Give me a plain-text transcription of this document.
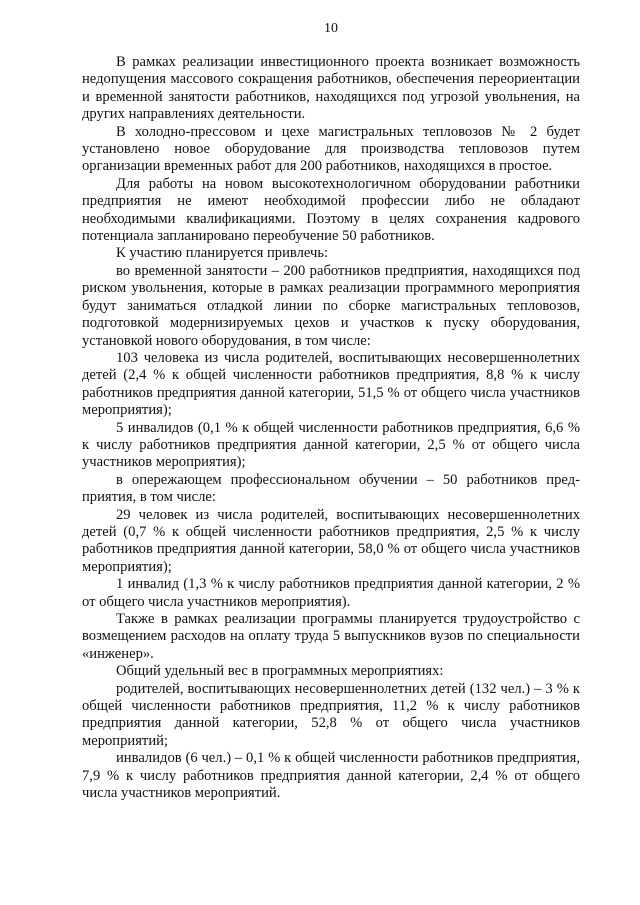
10

В рамках реализации инвестиционного проекта возникает возможность недопущения массового сокращения работников, обеспечения переориентации и временной занятости работников, находящихся под угрозой увольнения, на других направлениях деятельности.

В холодно-прессовом и цехе магистральных тепловозов № 2 будет установлено новое оборудование для производства тепловозов путем организации временных работ для 200 работников, находящихся в простое.

Для работы на новом высокотехнологичном оборудовании работники предприятия не имеют необходимой профессии либо не обладают необходимыми квалификациями. Поэтому в целях сохранения кадрового потенциала запланировано переобучение 50 работников.

К участию планируется привлечь:

во временной занятости – 200 работников предприятия, находящихся под риском увольнения, которые в рамках реализации программного мероприятия будут заниматься отладкой линии по сборке магистральных тепловозов, подготовкой модернизируемых цехов и участков к пуску оборудования, установкой нового оборудования, в том числе:

103 человека из числа родителей, воспитывающих несовершеннолетних детей (2,4 % к общей численности работников предприятия, 8,8 % к числу работников предприятия данной категории, 51,5 % от общего числа участников мероприятия);

5 инвалидов (0,1 % к общей численности работников предприятия, 6,6 % к числу работников предприятия данной категории, 2,5 % от общего числа участников мероприятия);

в опережающем профессиональном обучении – 50 работников предприятия, в том числе:

29 человек из числа родителей, воспитывающих несовершеннолетних детей (0,7 % к общей численности работников предприятия, 2,5 % к числу работников предприятия данной категории, 58,0 % от общего числа участников мероприятия);

1 инвалид (1,3 % к числу работников предприятия данной категории, 2 % от общего числа участников мероприятия).

Также в рамках реализации программы планируется трудоустройство с возмещением расходов на оплату труда 5 выпускников вузов по специальности «инженер».

Общий удельный вес в программных мероприятиях:

родителей, воспитывающих несовершеннолетних детей (132 чел.) – 3 % к общей численности работников предприятия, 11,2 % к числу работников предприятия данной категории, 52,8 % от общего числа участников мероприятий;

инвалидов (6 чел.) – 0,1 % к общей численности работников предприятия, 7,9 % к числу работников предприятия данной категории, 2,4 % от общего числа участников мероприятий.
